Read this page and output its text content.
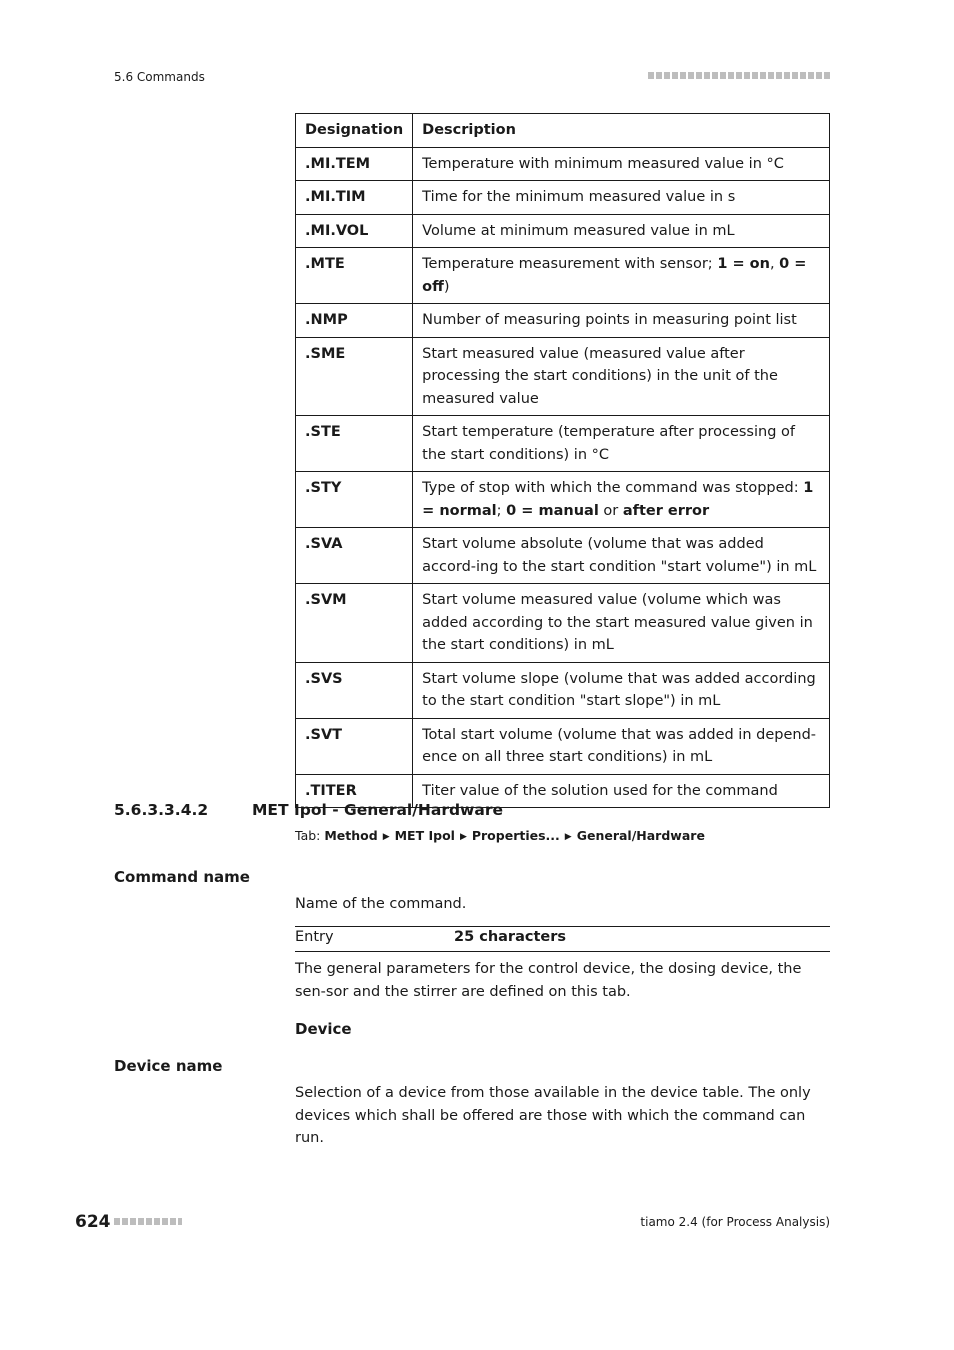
5.6 Commands
Designation	Description
.MI.TEM	Temperature with minimum measured value in °C
.MI.TIM	Time for the minimum measured value in s
.MI.VOL	Volume at minimum measured value in mL
.MTE	Temperature measurement with sensor; 1 = on, 0 = off)
.NMP	Number of measuring points in measuring point list
.SME	Start measured value (measured value after processing the start conditions) in the unit of the measured value
.STE	Start temperature (temperature after processing of the start conditions) in °C
.STY	Type of stop with which the command was stopped: 1 = normal; 0 = manual or after error
.SVA	Start volume absolute (volume that was added accord-ing to the start condition "start volume") in mL
.SVM	Start volume measured value (volume which was added according to the start measured value given in the start conditions) in mL
.SVS	Start volume slope (volume that was added according to the start condition "start slope") in mL
.SVT	Total start volume (volume that was added in depend-ence on all three start conditions) in mL
.TITER	Titer value of the solution used for the command
5.6.3.3.4.2	MET Ipol - General/Hardware
Tab: Method ▶ MET Ipol ▶ Properties... ▶ General/Hardware
Command name
Name of the command.
Entry	25 characters
The general parameters for the control device, the dosing device, the sen-sor and the stirrer are defined on this tab.
Device
Device name
Selection of a device from those available in the device table. The only devices which shall be offered are those with which the command can run.
624	tiamo 2.4 (for Process Analysis)
